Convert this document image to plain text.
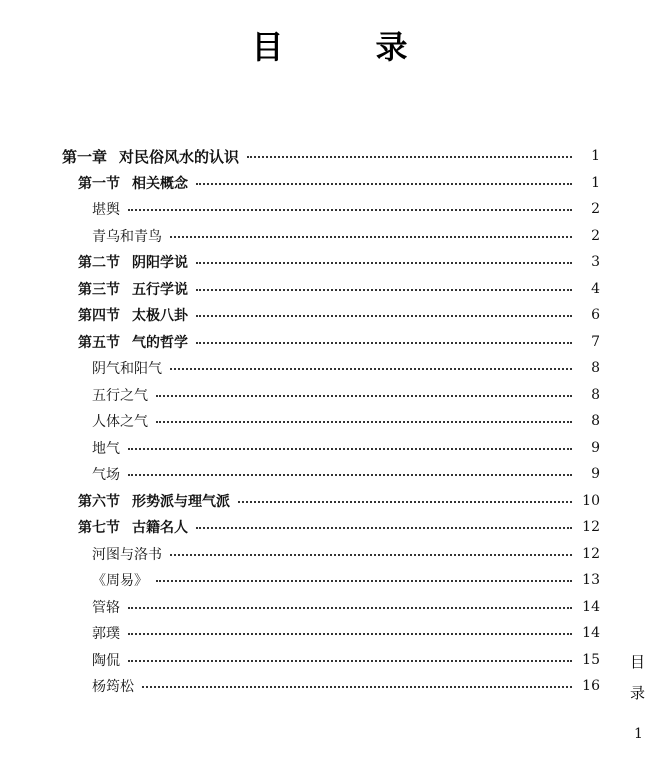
目　录
第一章 对民俗风水的认识	1
第一节 相关概念	1
堪舆	2
青乌和青鸟	2
第二节 阴阳学说	3
第三节 五行学说	4
第四节 太极八卦	6
第五节 气的哲学	7
阴气和阳气	8
五行之气	8
人体之气	8
地气	9
气场	9
第六节 形势派与理气派	10
第七节 古籍名人	12
河图与洛书	12
《周易》	13
管辂	14
郭璞	14
陶侃	15
杨筠松	16
目
录
1
